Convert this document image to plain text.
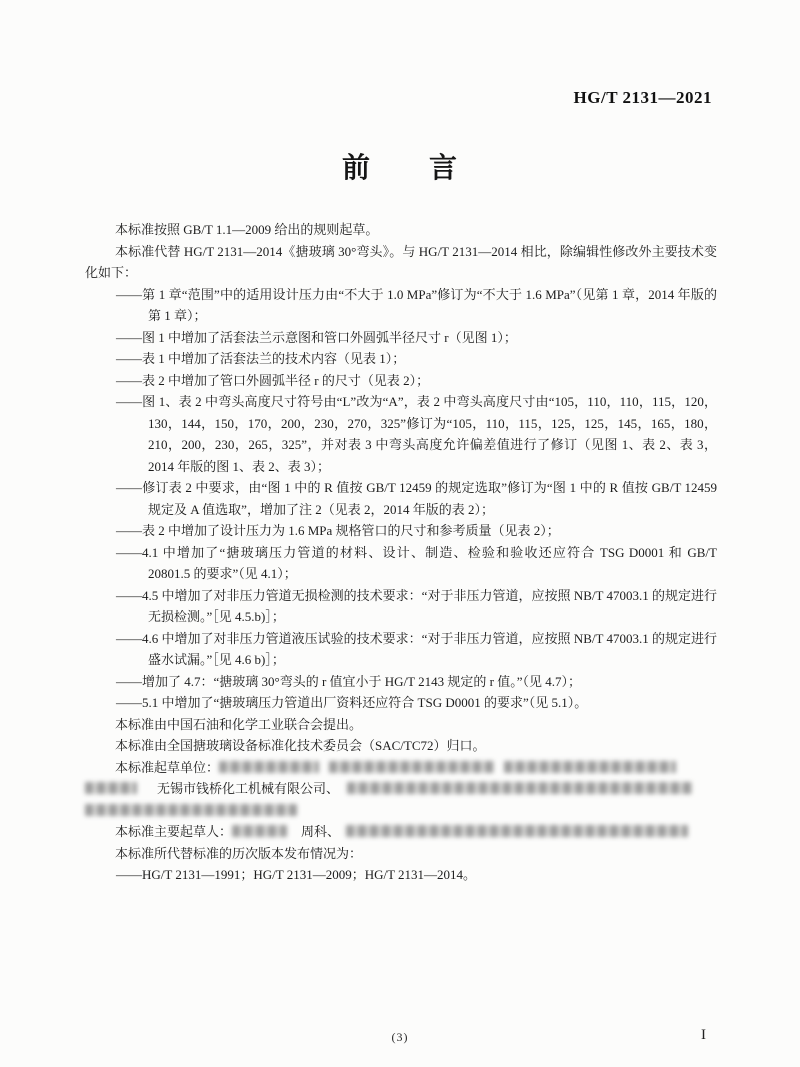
HG/T 2131—2021
前　　言

本标准按照 GB/T 1.1—2009 给出的规则起草。

本标准代替 HG/T 2131—2014《搪玻璃 30°弯头》。与 HG/T 2131—2014 相比，除编辑性修改外主要技术变化如下：

——第 1 章“范围”中的适用设计压力由“不大于 1.0 MPa”修订为“不大于 1.6 MPa”（见第 1 章，2014 年版的第 1 章）；

——图 1 中增加了活套法兰示意图和管口外圆弧半径尺寸 r（见图 1）；

——表 1 中增加了活套法兰的技术内容（见表 1）；

——表 2 中增加了管口外圆弧半径 r 的尺寸（见表 2）；

——图 1、表 2 中弯头高度尺寸符号由“L”改为“A”，表 2 中弯头高度尺寸由“105，110，110，115，120，130，144，150，170，200，230，270，325”修订为“105，110，115，125，125，145，165，180，210，200，230，265，325”，并对表 3 中弯头高度允许偏差值进行了修订（见图 1、表 2、表 3，2014 年版的图 1、表 2、表 3）；

——修订表 2 中要求，由“图 1 中的 R 值按 GB/T 12459 的规定选取”修订为“图 1 中的 R 值按 GB/T 12459 规定及 A 值选取”，增加了注 2（见表 2，2014 年版的表 2）；

——表 2 中增加了设计压力为 1.6 MPa 规格管口的尺寸和参考质量（见表 2）；

——4.1 中增加了“搪玻璃压力管道的材料、设计、制造、检验和验收还应符合 TSG D0001 和 GB/T 20801.5 的要求”（见 4.1）；

——4.5 中增加了对非压力管道无损检测的技术要求：“对于非压力管道，应按照 NB/T 47003.1 的规定进行无损检测。”［见 4.5.b)］；

——4.6 中增加了对非压力管道液压试验的技术要求：“对于非压力管道，应按照 NB/T 47003.1 的规定进行盛水试漏。”［见 4.6 b)］；

——增加了 4.7：“搪玻璃 30°弯头的 r 值宜小于 HG/T 2143 规定的 r 值。”（见 4.7）；

——5.1 中增加了“搪玻璃压力管道出厂资料还应符合 TSG D0001 的要求”（见 5.1）。

本标准由中国石油和化学工业联合会提出。

本标准由全国搪玻璃设备标准化技术委员会（SAC/TC72）归口。

本标准起草单位：
无锡市钱桥化工机械有限公司、
本标准主要起草人：	周科、

本标准所代替标准的历次版本发布情况为：

——HG/T 2131—1991；HG/T 2131—2009；HG/T 2131—2014。

(3)	I
